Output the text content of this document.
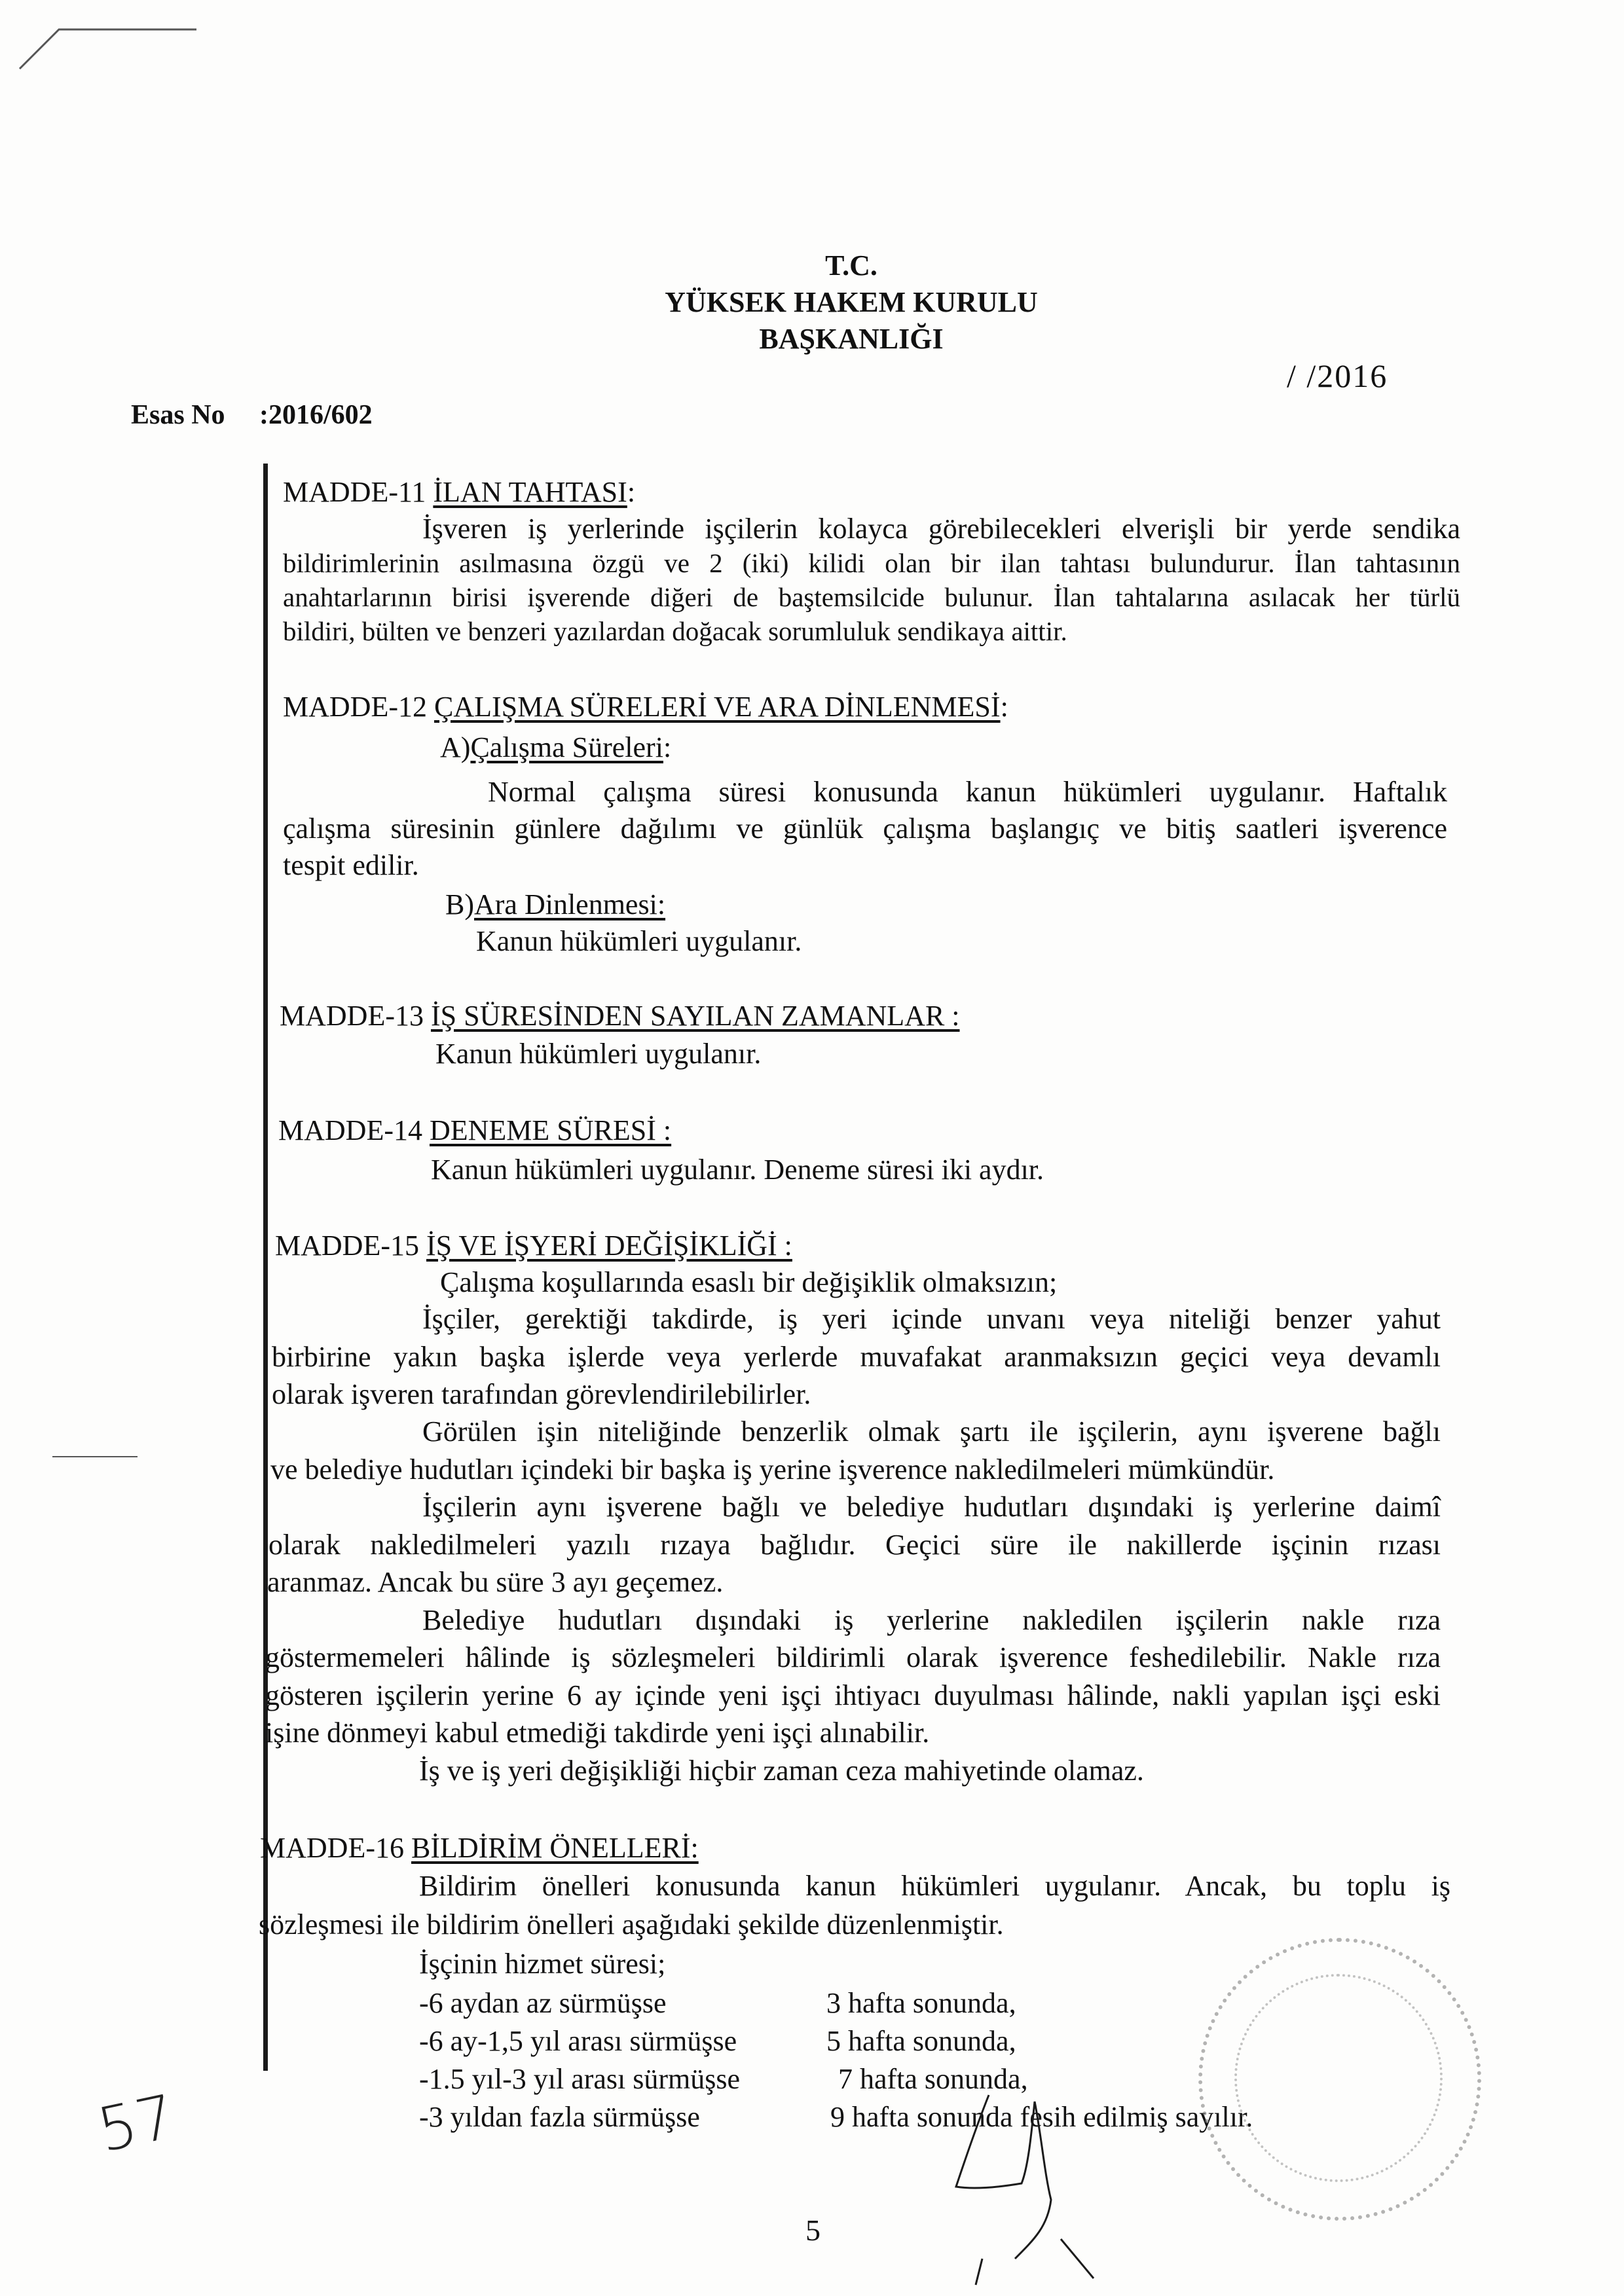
T.C.
YÜKSEK HAKEM KURULU
BAŞKANLIĞI
/ /2016
Esas No :2016/602
MADDE-11 İLAN TAHTASI:
İşveren iş yerlerinde işçilerin kolayca görebilecekleri elverişli bir yerde sendika
bildirimlerinin asılmasına özgü ve 2 (iki) kilidi olan bir ilan tahtası bulundurur. İlan tahtasının
anahtarlarının birisi işverende diğeri de baştemsilcide bulunur. İlan tahtalarına asılacak her türlü
bildiri, bülten ve benzeri yazılardan doğacak sorumluluk sendikaya aittir.
MADDE-12 ÇALIŞMA SÜRELERİ VE ARA DİNLENMESİ:
A)Çalışma Süreleri:
Normal çalışma süresi konusunda kanun hükümleri uygulanır. Haftalık
çalışma süresinin günlere dağılımı ve günlük çalışma başlangıç ve bitiş saatleri işverence
tespit edilir.
B)Ara Dinlenmesi:
Kanun hükümleri uygulanır.
MADDE-13 İŞ SÜRESİNDEN SAYILAN ZAMANLAR :
Kanun hükümleri uygulanır.
MADDE-14 DENEME SÜRESİ :
Kanun hükümleri uygulanır. Deneme süresi iki aydır.
MADDE-15 İŞ VE İŞYERİ DEĞİŞİKLİĞİ :
Çalışma koşullarında esaslı bir değişiklik olmaksızın;
İşçiler, gerektiği takdirde, iş yeri içinde unvanı veya niteliği benzer yahut
birbirine yakın başka işlerde veya yerlerde muvafakat aranmaksızın geçici veya devamlı
olarak işveren tarafından görevlendirilebilirler.
Görülen işin niteliğinde benzerlik olmak şartı ile işçilerin, aynı işverene bağlı
ve belediye hudutları içindeki bir başka iş yerine işverence nakledilmeleri mümkündür.
İşçilerin aynı işverene bağlı ve belediye hudutları dışındaki iş yerlerine daimî
olarak nakledilmeleri yazılı rızaya bağlıdır. Geçici süre ile nakillerde işçinin rızası
aranmaz. Ancak bu süre 3 ayı geçemez.
Belediye hudutları dışındaki iş yerlerine nakledilen işçilerin nakle rıza
göstermemeleri hâlinde iş sözleşmeleri bildirimli olarak işverence feshedilebilir. Nakle rıza
gösteren işçilerin yerine 6 ay içinde yeni işçi ihtiyacı duyulması hâlinde, nakli yapılan işçi eski
işine dönmeyi kabul etmediği takdirde yeni işçi alınabilir.
İş ve iş yeri değişikliği hiçbir zaman ceza mahiyetinde olamaz.
MADDE-16 BİLDİRİM ÖNELLERİ:
Bildirim önelleri konusunda kanun hükümleri uygulanır. Ancak, bu toplu iş
sözleşmesi ile bildirim önelleri aşağıdaki şekilde düzenlenmiştir.
İşçinin hizmet süresi;
-6 aydan az sürmüşse	3 hafta sonunda,
-6 ay-1,5 yıl arası sürmüşse	5 hafta sonunda,
-1.5 yıl-3 yıl arası sürmüşse	7 hafta sonunda,
-3 yıldan fazla sürmüşse	9 hafta sonunda fesih edilmiş sayılır.
57
5
